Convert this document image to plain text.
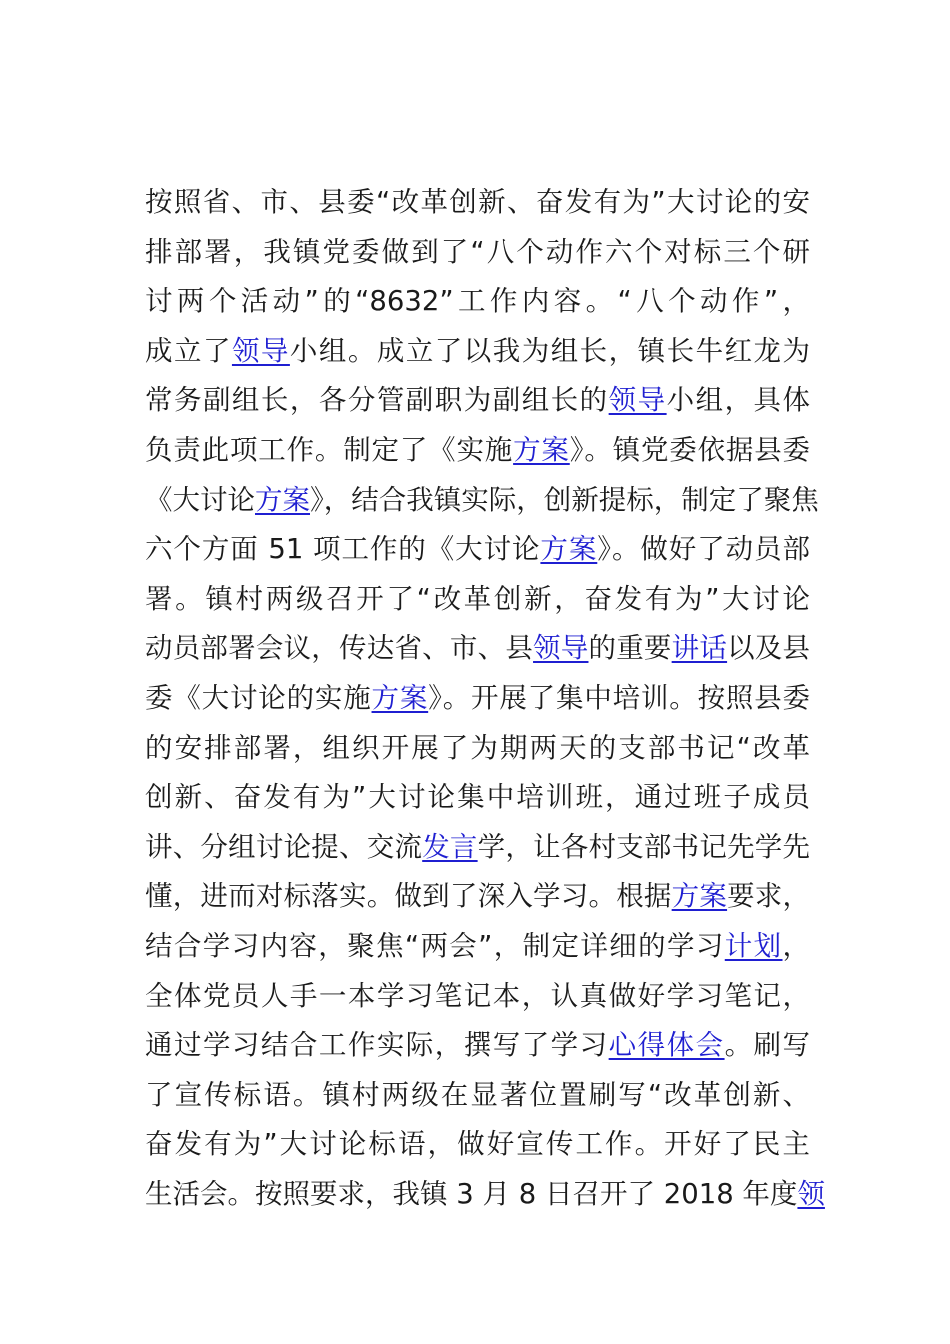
按照省、市、县委“改革创新、奋发有为”大讨论的安
排部署，我镇党委做到了“八个动作六个对标三个研
讨两个活动”的“8632”工作内容。“八个动作”，
成立了领导小组。成立了以我为组长，镇长牛红龙为
常务副组长，各分管副职为副组长的领导小组，具体
负责此项工作。制定了《实施方案》。镇党委依据县委
《大讨论方案》，结合我镇实际，创新提标，制定了聚焦
六个方面 51 项工作的《大讨论方案》。做好了动员部
署。镇村两级召开了“改革创新，奋发有为”大讨论
动员部署会议，传达省、市、县领导的重要讲话以及县
委《大讨论的实施方案》。开展了集中培训。按照县委
的安排部署，组织开展了为期两天的支部书记“改革
创新、奋发有为”大讨论集中培训班，通过班子成员
讲、分组讨论提、交流发言学，让各村支部书记先学先
懂，进而对标落实。做到了深入学习。根据方案要求，
结合学习内容，聚焦“两会”，制定详细的学习计划，
全体党员人手一本学习笔记本，认真做好学习笔记，
通过学习结合工作实际，撰写了学习心得体会。刷写
了宣传标语。镇村两级在显著位置刷写“改革创新、
奋发有为”大讨论标语，做好宣传工作。开好了民主
生活会。按照要求，我镇 3 月 8 日召开了 2018 年度领
